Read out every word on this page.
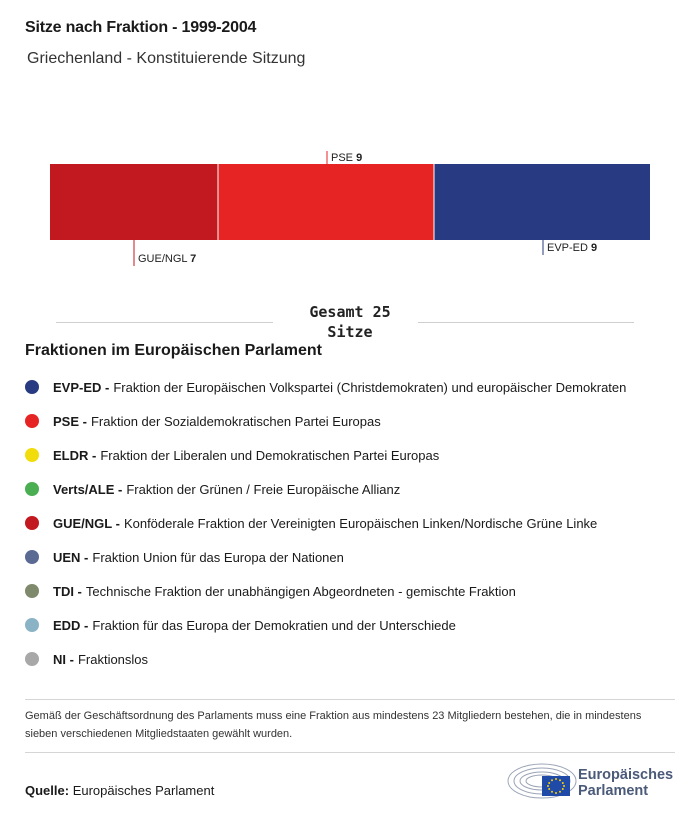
Sitze nach Fraktion - 1999-2004
Griechenland - Konstituierende Sitzung
GUE/NGL 7
PSE 9
EVP-ED 9
Gesamt 25
Sitze
Fraktionen im Europäischen Parlament
EVP-ED - Fraktion der Europäischen Volkspartei (Christdemokraten) und europäischer Demokraten
PSE - Fraktion der Sozialdemokratischen Partei Europas
ELDR - Fraktion der Liberalen und Demokratischen Partei Europas
Verts/ALE - Fraktion der Grünen / Freie Europäische Allianz
GUE/NGL - Konföderale Fraktion der Vereinigten Europäischen Linken/Nordische Grüne Linke
UEN - Fraktion Union für das Europa der Nationen
TDI - Technische Fraktion der unabhängigen Abgeordneten - gemischte Fraktion
EDD - Fraktion für das Europa der Demokratien und der Unterschiede
NI - Fraktionslos
Gemäß der Geschäftsordnung des Parlaments muss eine Fraktion aus mindestens 23 Mitgliedern bestehen, die in mindestens sieben verschiedenen Mitgliedstaaten gewählt wurden.
Quelle: Europäisches Parlament
Europäisches
Parlament
